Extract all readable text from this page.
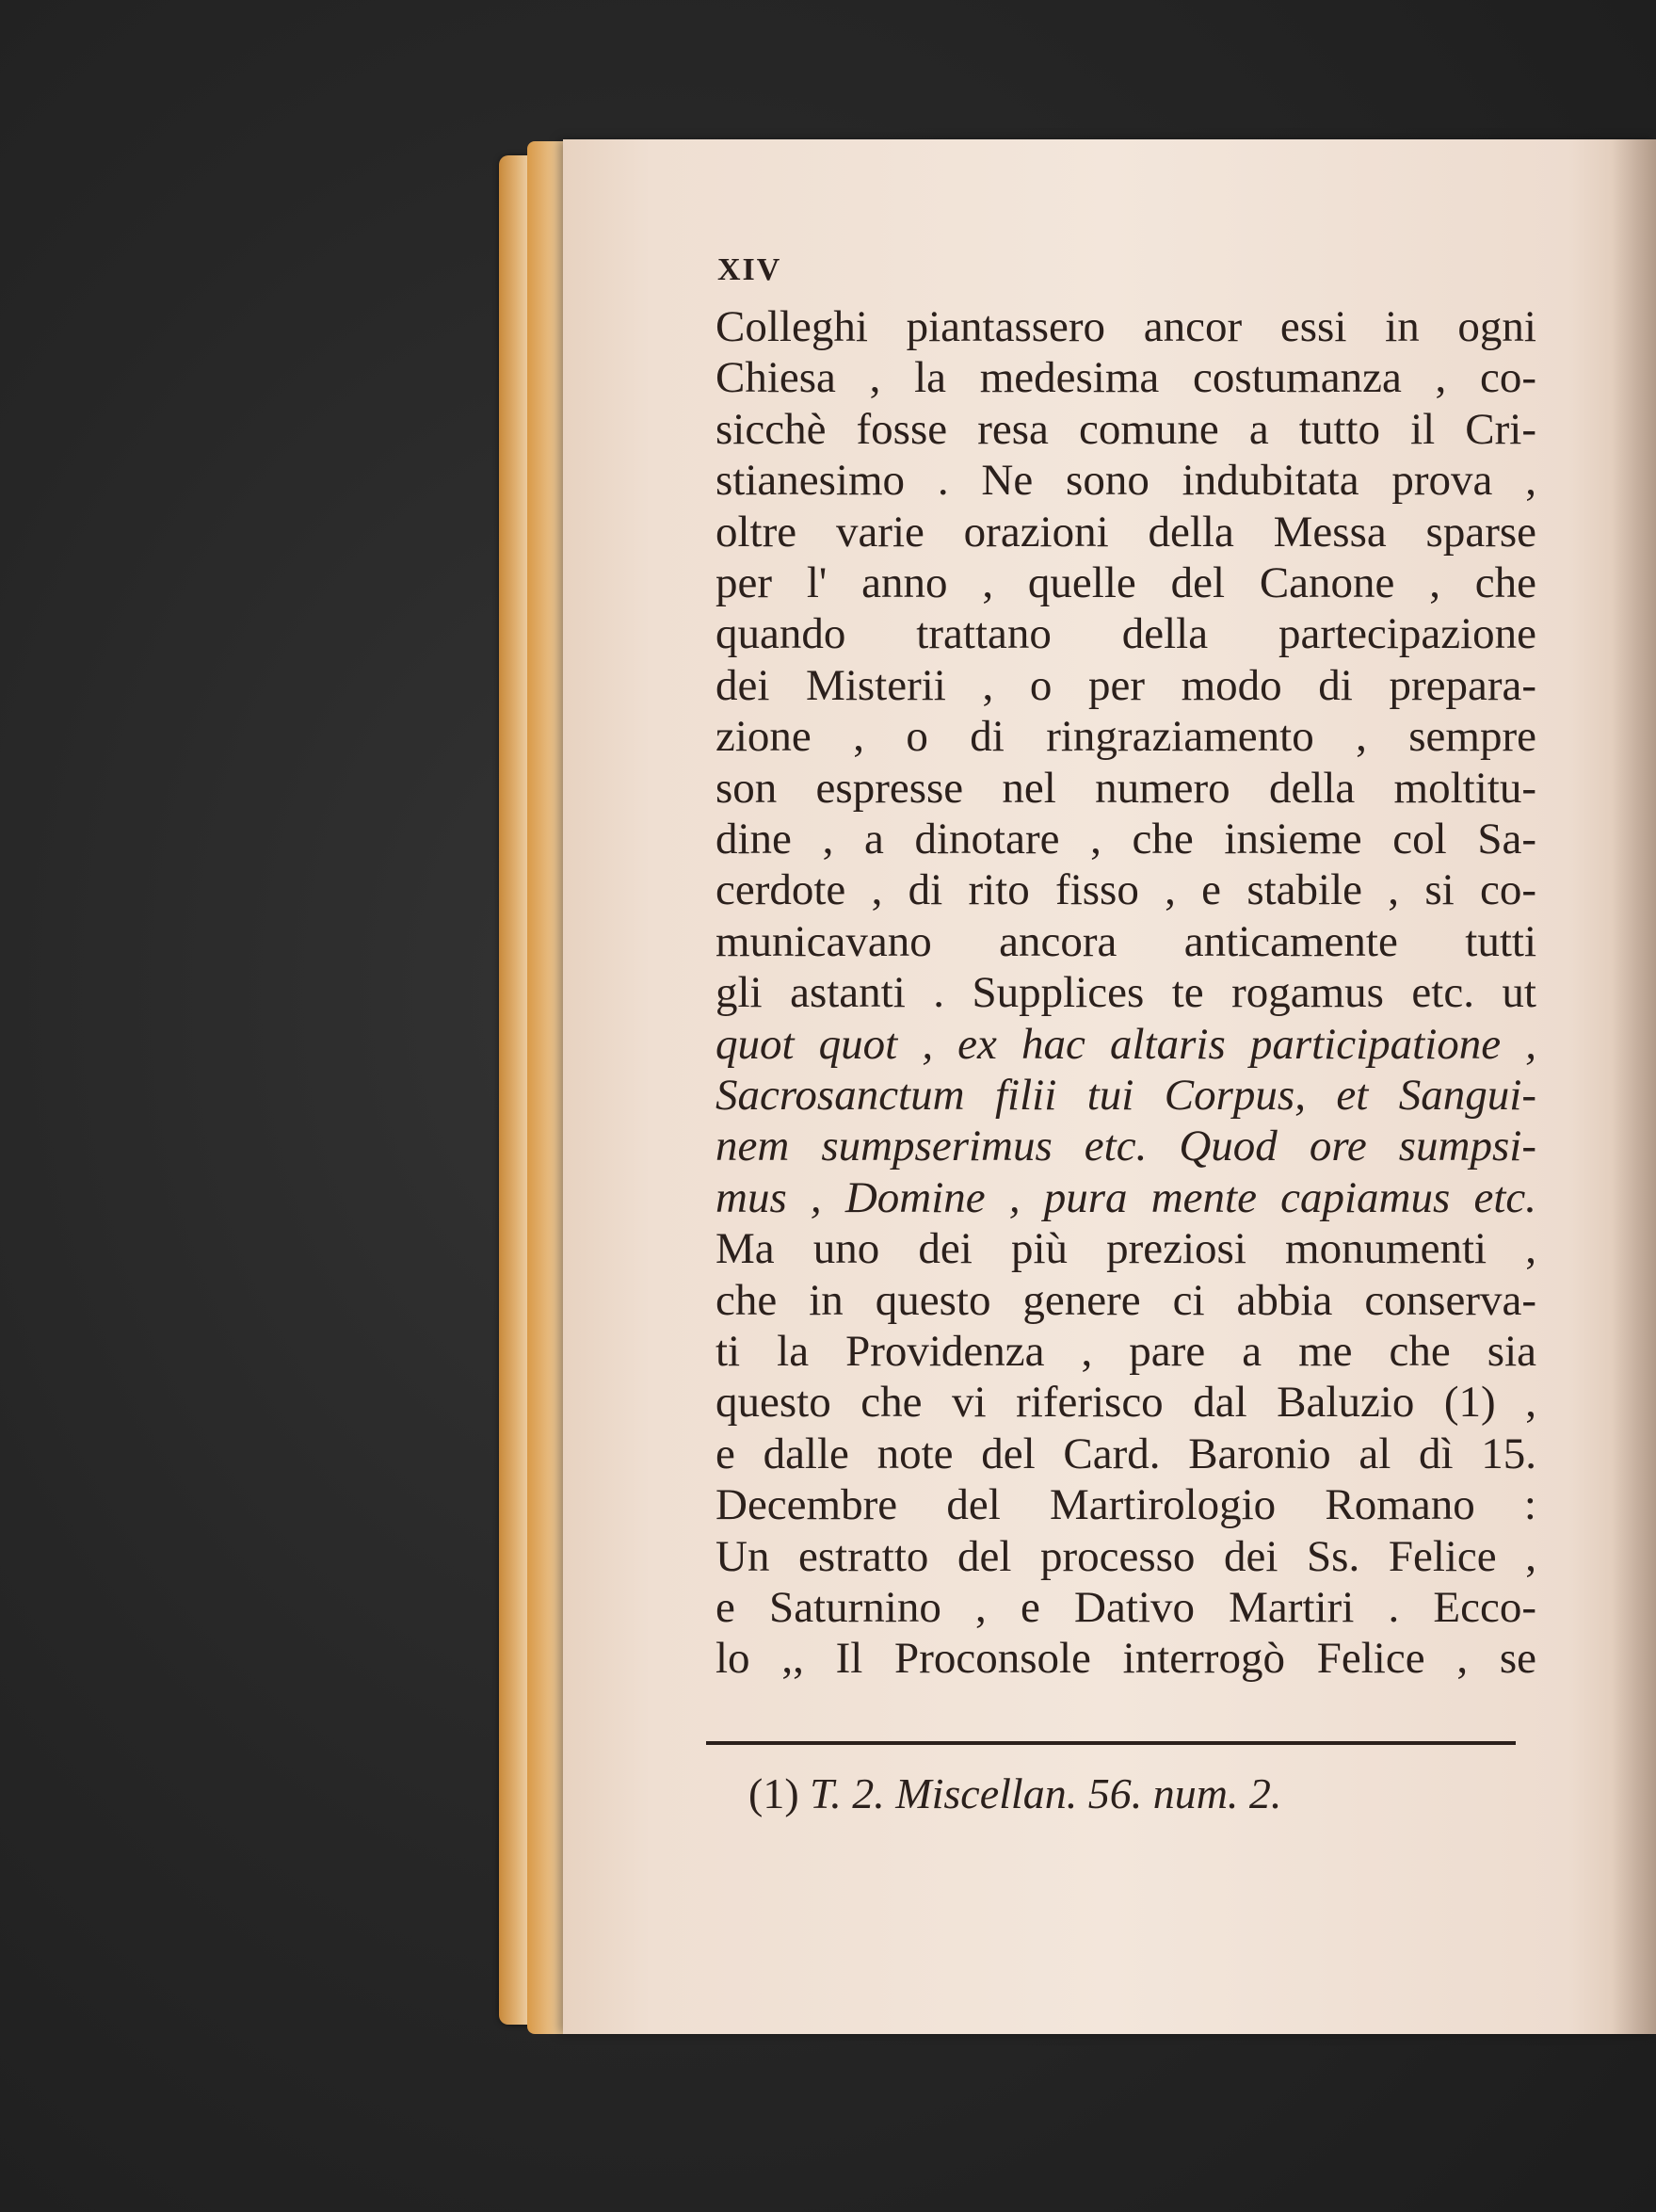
XIV
Colleghi piantassero ancor essi in ogni
Chiesa , la medesima costumanza , co-
sicchè fosse resa comune a tutto il Cri-
stianesimo . Ne sono indubitata prova ,
oltre varie orazioni della Messa sparse
per l' anno , quelle del Canone , che
quando trattano della partecipazione
dei Misterii , o per modo di prepara-
zione , o di ringraziamento , sempre
son espresse nel numero della moltitu-
dine , a dinotare , che insieme col Sa-
cerdote , di rito fisso , e stabile , si co-
municavano ancora anticamente tutti
gli astanti . Supplices te rogamus etc. ut
quot quot , ex hac altaris participatione ,
Sacrosanctum filii tui Corpus, et Sangui-
nem sumpserimus etc. Quod ore sumpsi-
mus , Domine , pura mente capiamus etc.
Ma uno dei più preziosi monumenti ,
che in questo genere ci abbia conserva-
ti la Providenza , pare a me che sia
questo che vi riferisco dal Baluzio (1) ,
e dalle note del Card. Baronio al dì 15.
Decembre del Martirologio Romano :
Un estratto del processo dei Ss. Felice ,
e Saturnino , e Dativo Martiri . Ecco-
lo ,, Il Proconsole interrogò Felice , se
(1) T. 2. Miscellan. 56. num. 2.
